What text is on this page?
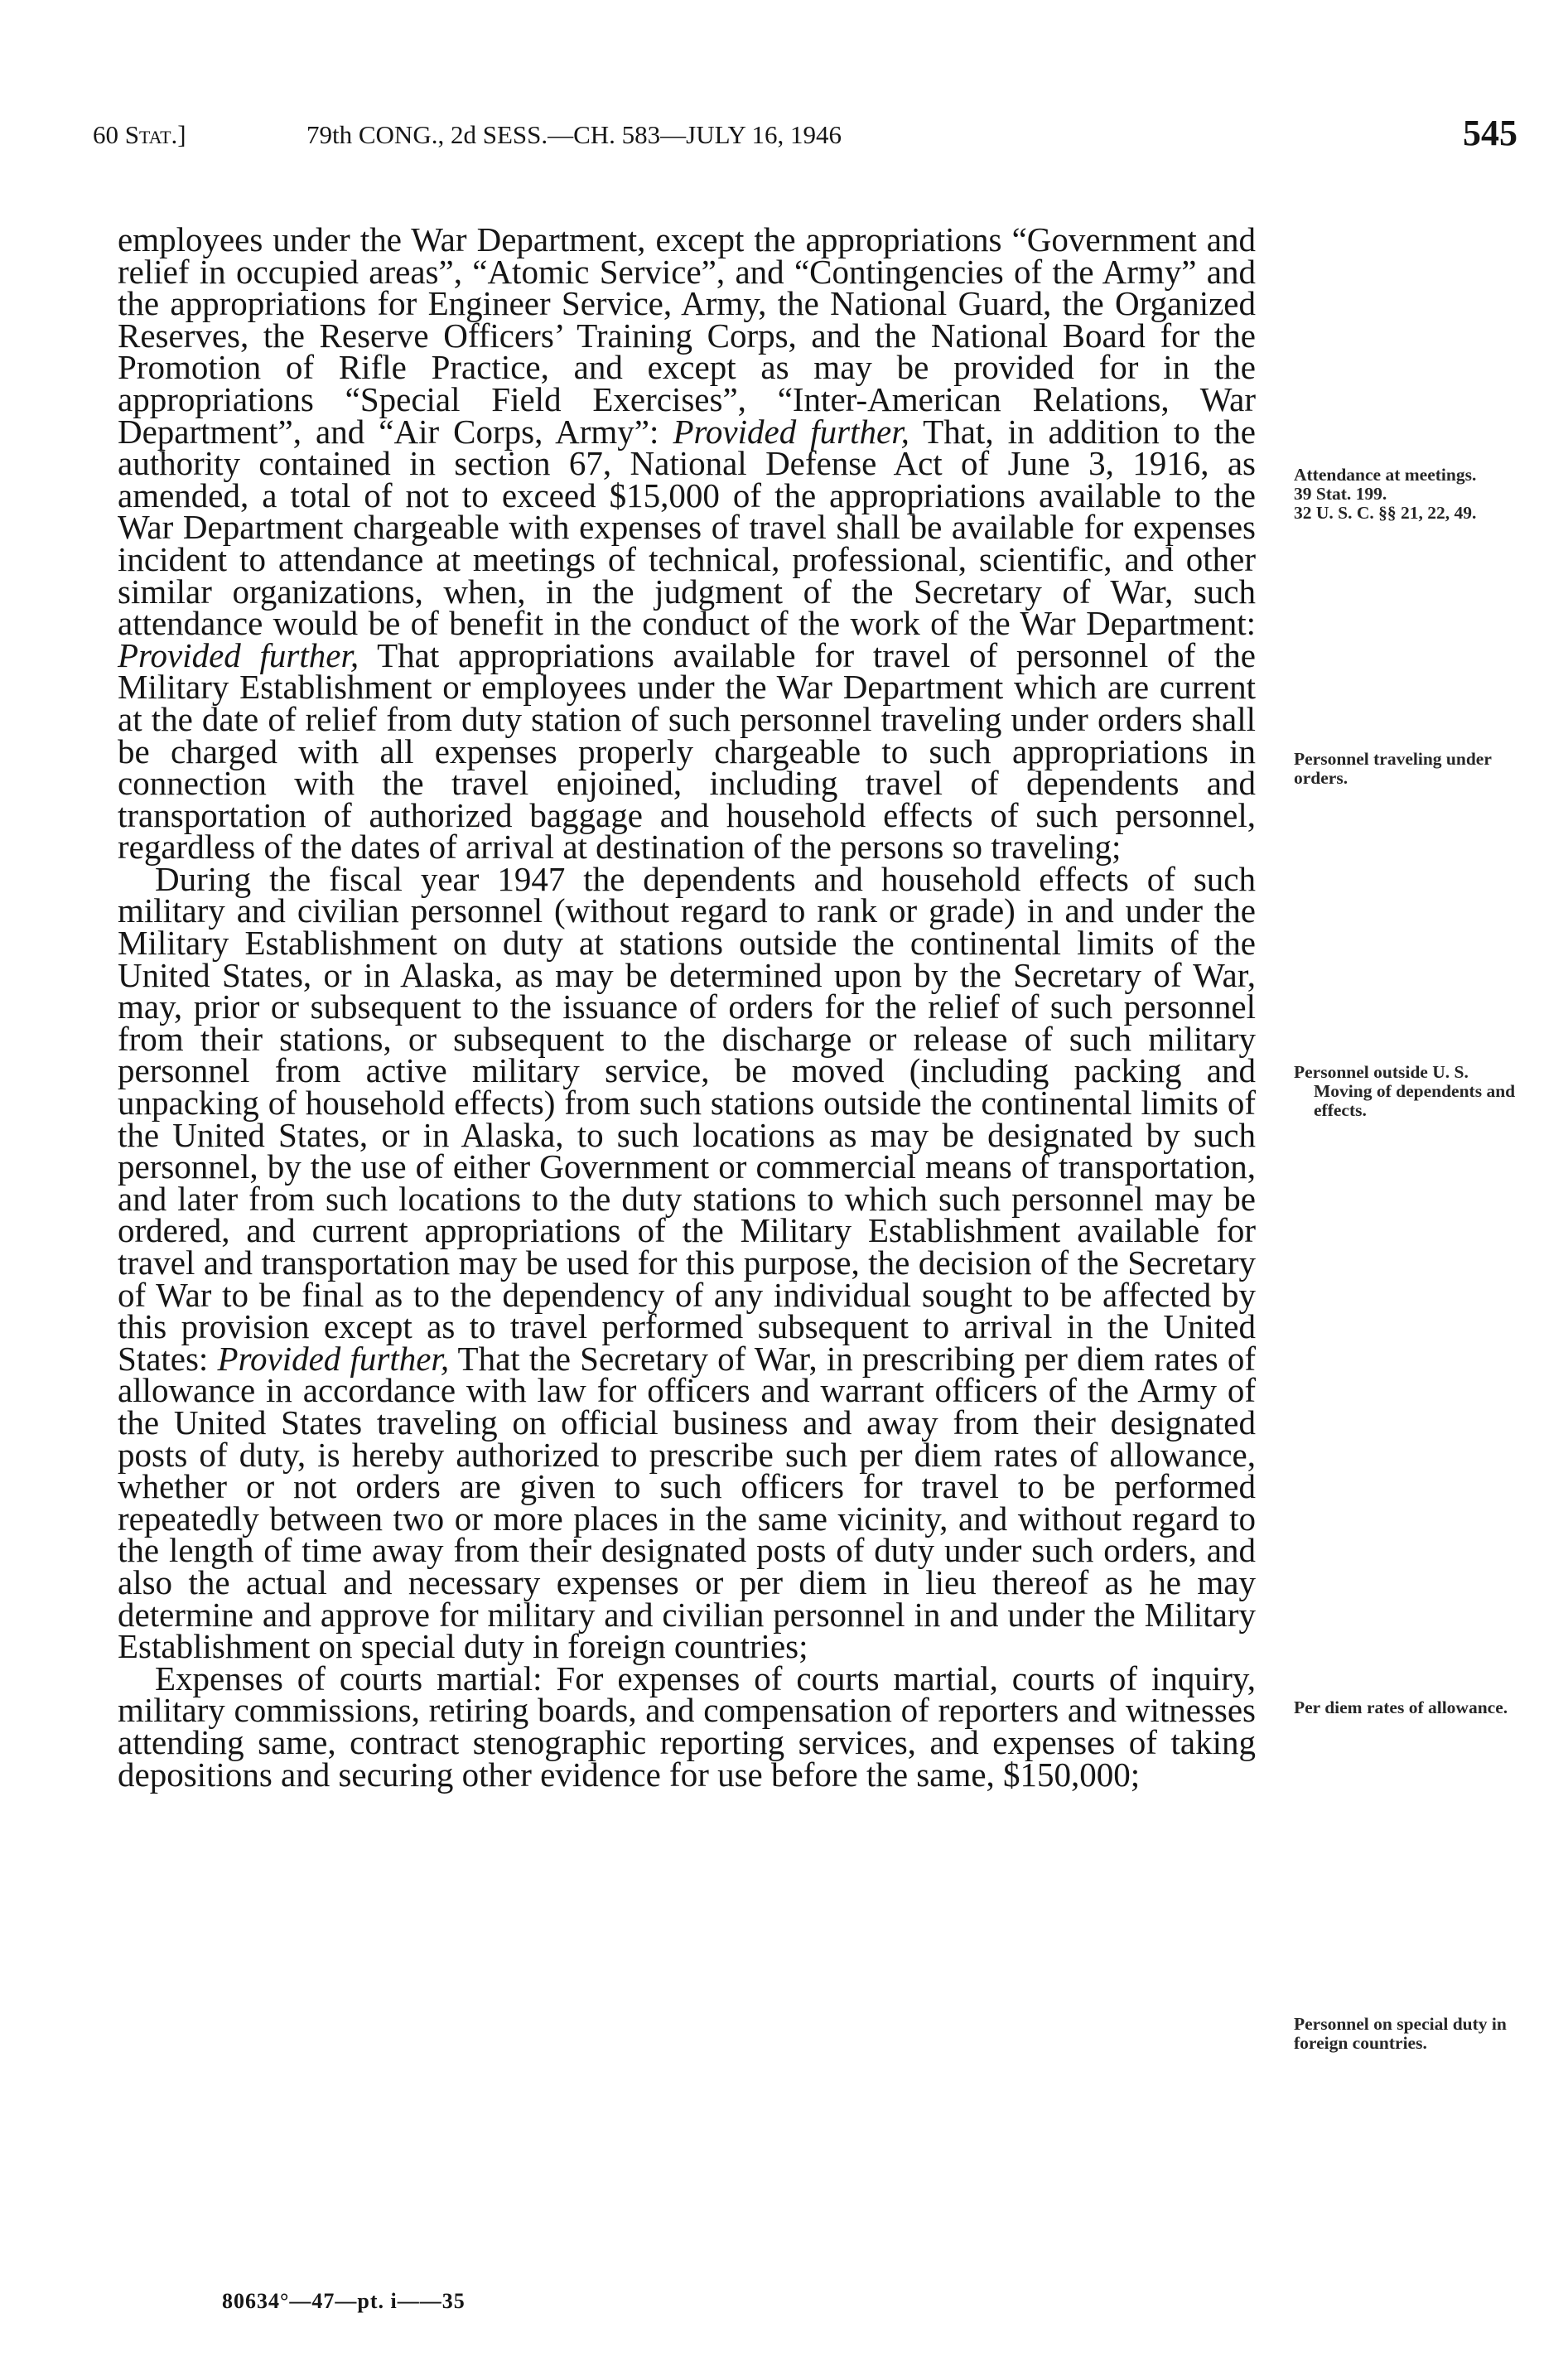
60 Stat.]	79th CONG., 2d SESS.—CH. 583—JULY 16, 1946	545

employees under the War Department, except the appropriations “Government and relief in occupied areas”, “Atomic Service”, and “Contingencies of the Army” and the appropriations for Engineer Service, Army, the National Guard, the Organized Reserves, the Reserve Officers’ Training Corps, and the National Board for the Promotion of Rifle Practice, and except as may be provided for in the appropriations “Special Field Exercises”, “Inter-American Relations, War Department”, and “Air Corps, Army”: Provided further, That, in addition to the authority contained in section 67, National Defense Act of June 3, 1916, as amended, a total of not to exceed $15,000 of the appropriations available to the War Department chargeable with expenses of travel shall be available for expenses incident to attendance at meetings of technical, professional, scientific, and other similar organizations, when, in the judgment of the Secretary of War, such attendance would be of benefit in the conduct of the work of the War Department: Provided further, That appropriations available for travel of personnel of the Military Establishment or employees under the War Department which are current at the date of relief from duty station of such personnel traveling under orders shall be charged with all expenses properly chargeable to such appropriations in connection with the travel enjoined, including travel of dependents and transportation of authorized baggage and household effects of such personnel, regardless of the dates of arrival at destination of the persons so traveling;

During the fiscal year 1947 the dependents and household effects of such military and civilian personnel (without regard to rank or grade) in and under the Military Establishment on duty at stations outside the continental limits of the United States, or in Alaska, as may be determined upon by the Secretary of War, may, prior or subsequent to the issuance of orders for the relief of such personnel from their stations, or subsequent to the discharge or release of such military personnel from active military service, be moved (including packing and unpacking of household effects) from such stations outside the continental limits of the United States, or in Alaska, to such locations as may be designated by such personnel, by the use of either Government or commercial means of transportation, and later from such locations to the duty stations to which such personnel may be ordered, and current appropriations of the Military Establishment available for travel and transportation may be used for this purpose, the decision of the Secretary of War to be final as to the dependency of any individual sought to be affected by this provision except as to travel performed subsequent to arrival in the United States: Provided further, That the Secretary of War, in prescribing per diem rates of allowance in accordance with law for officers and warrant officers of the Army of the United States traveling on official business and away from their designated posts of duty, is hereby authorized to prescribe such per diem rates of allowance, whether or not orders are given to such officers for travel to be performed repeatedly between two or more places in the same vicinity, and without regard to the length of time away from their designated posts of duty under such orders, and also the actual and necessary expenses or per diem in lieu thereof as he may determine and approve for military and civilian personnel in and under the Military Establishment on special duty in foreign countries;

Expenses of courts martial: For expenses of courts martial, courts of inquiry, military commissions, retiring boards, and compensation of reporters and witnesses attending same, contract stenographic reporting services, and expenses of taking depositions and securing other evidence for use before the same, $150,000;

Attendance at meetings.
39 Stat. 199.
32 U. S. C. §§ 21, 22, 49.
Personnel traveling under orders.
Personnel outside U. S.
Moving of dependents and effects.
Per diem rates of allowance.
Personnel on special duty in foreign countries.
80634°—47—pt. i——35
